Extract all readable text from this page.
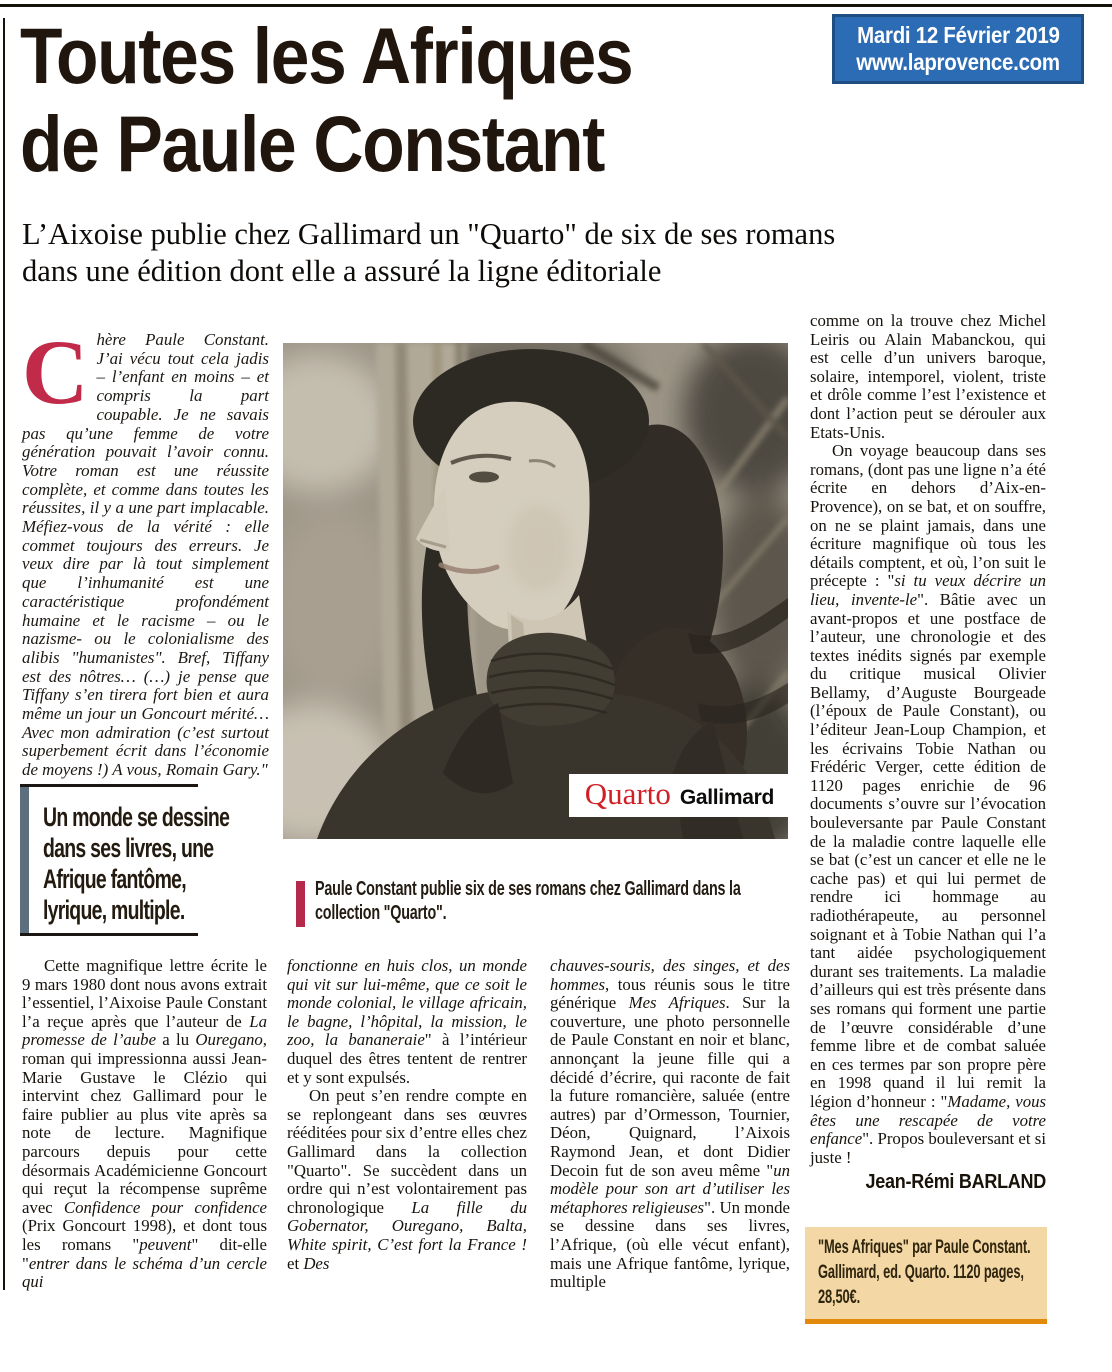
Mardi 12 Février 2019
www.laprovence.com
Toutes les Afriques
de Paule Constant
L’Aixoise publie chez Gallimard un "Quarto" de six de ses romans
dans une édition dont elle a assuré la ligne éditoriale

Chère Paule Constant. J’ai vécu tout cela jadis – l’enfant en moins – et compris la part coupable. Je ne savais pas qu’une femme de votre génération pouvait l’avoir connu. Votre roman est une réussite complète, et comme dans toutes les réussites, il y a une part implacable. Méfiez-vous de la vérité : elle commet toujours des erreurs. Je veux dire par là tout simplement que l’inhumanité est une caractéristique profondément humaine et le racisme – ou le nazisme- ou le colonialisme des alibis "humanistes". Bref, Tiffany est des nôtres… (…) je pense que Tiffany s’en tirera fort bien et aura même un jour un Goncourt mérité… Avec mon admiration (c’est surtout superbement écrit dans l’économie de moyens !) A vous, Romain Gary."

Un monde se dessine dans ses livres, une Afrique fantôme, lyrique, multiple.
Quarto Gallimard
Paule Constant publie six de ses romans chez Gallimard dans la collection "Quarto".

Cette magnifique lettre écrite le 9 mars 1980 dont nous avons extrait l’essentiel, l’Aixoise Paule Constant l’a reçue après que l’auteur de La promesse de l’aube a lu Ouregano, roman qui impressionna aussi Jean-Marie Gustave le Clézio qui intervint chez Gallimard pour le faire publier au plus vite après sa note de lecture. Magnifique parcours depuis pour cette désormais Académicienne Goncourt qui reçut la récompense suprême avec Confidence pour confidence (Prix Goncourt 1998), et dont tous les romans "peuvent" dit-elle "entrer dans le schéma d’un cercle qui

fonctionne en huis clos, un monde qui vit sur lui-même, que ce soit le monde colonial, le village africain, le bagne, l’hôpital, la mission, le zoo, la bananeraie" à l’intérieur duquel des êtres tentent de rentrer et y sont expulsés.

On peut s’en rendre compte en se replongeant dans ses œuvres rééditées pour six d’entre elles chez Gallimard dans la collection "Quarto". Se succèdent dans un ordre qui n’est volontairement pas chronologique La fille du Gobernator, Ouregano, Balta, White spirit, C’est fort la France ! et Des

chauves-souris, des singes, et des hommes, tous réunis sous le titre générique Mes Afriques. Sur la couverture, une photo personnelle de Paule Constant en noir et blanc, annonçant la jeune fille qui a décidé d’écrire, qui raconte de fait la future romancière, saluée (entre autres) par d’Ormesson, Tournier, Déon, Quignard, l’Aixois Raymond Jean, et dont Didier Decoin fut de son aveu même "un modèle pour son art d’utiliser les métaphores religieuses". Un monde se dessine dans ses livres, l’Afrique, (où elle vécut enfant), mais une Afrique fantôme, lyrique, multiple

comme on la trouve chez Michel Leiris ou Alain Mabanckou, qui est celle d’un univers baroque, solaire, intemporel, violent, triste et drôle comme l’est l’existence et dont l’action peut se dérouler aux Etats-Unis.

On voyage beaucoup dans ses romans, (dont pas une ligne n’a été écrite en dehors d’Aix-en-Provence), on se bat, et on souffre, on ne se plaint jamais, dans une écriture magnifique où tous les détails comptent, et où, l’on suit le précepte : "si tu veux décrire un lieu, invente-le". Bâtie avec un avant-propos et une postface de l’auteur, une chronologie et des textes inédits signés par exemple du critique musical Olivier Bellamy, d’Auguste Bourgeade (l’époux de Paule Constant), ou l’éditeur Jean-Loup Champion, et les écrivains Tobie Nathan ou Frédéric Verger, cette édition de 1120 pages enrichie de 96 documents s’ouvre sur l’évocation bouleversante par Paule Constant de la maladie contre laquelle elle se bat (c’est un cancer et elle ne le cache pas) et qui lui permet de rendre ici hommage au radiothérapeute, au personnel soignant et à Tobie Nathan qui l’a tant aidée psychologiquement durant ses traitements. La maladie d’ailleurs qui est très présente dans ses romans qui forment une partie de l’œuvre considérable d’une femme libre et de combat saluée en ces termes par son propre père en 1998 quand il lui remit la légion d’honneur : "Madame, vous êtes une rescapée de votre enfance". Propos bouleversant et si juste !

Jean-Rémi BARLAND
"Mes Afriques" par Paule Constant. Gallimard, ed. Quarto. 1120 pages, 28,50€.
